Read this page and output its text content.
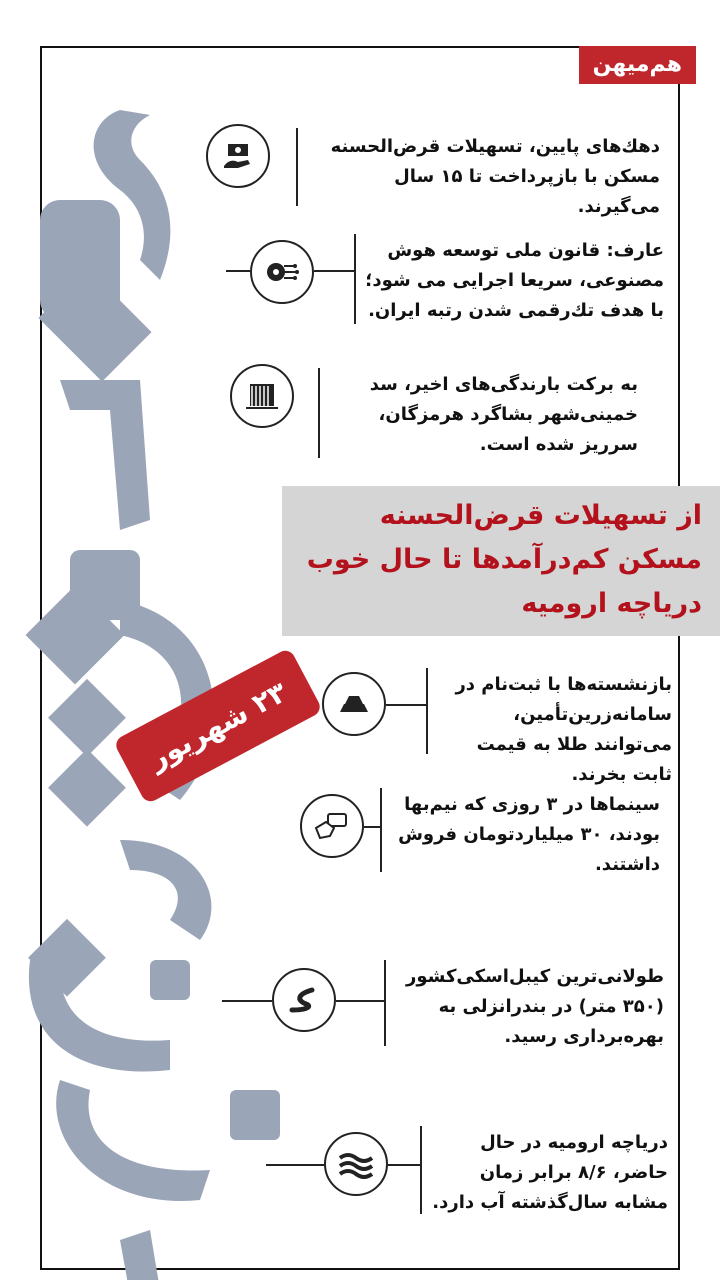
هم‌میهن
دهك‌های پایین، تسهیلات قرض‌الحسنه مسکن با بازپرداخت تا ۱۵ سال می‌گیرند.
عارف: قانون ملی توسعه هوش مصنوعی، سریعا اجرایی می شود؛ با هدف تك‌رقمی شدن رتبه ایران.
به برکت بارندگی‌های اخیر، سد خمینی‌شهر بشاگرد هرمزگان، سرریز شده است.
از تسهیلات قرض‌الحسنه مسکن کم‌درآمدها تا حال خوب دریاچه ارومیه
۲۳ شهریور	بازنشسته‌ها با ثبت‌نام در سامانه‌زرین‌تأمین، می‌توانند طلا به قیمت ثابت بخرند.
سینماها در ۳ روزی که نیم‌بها بودند، ۳۰ میلیاردتومان فروش داشتند.
طولانی‌ترین کیبل‌اسکی‌کشور (۳۵۰ متر) در بندرانزلی به بهره‌برداری رسید.
دریاچه ارومیه در حال حاضر، ۸/۶ برابر زمان مشابه سال‌گذشته آب دارد.
